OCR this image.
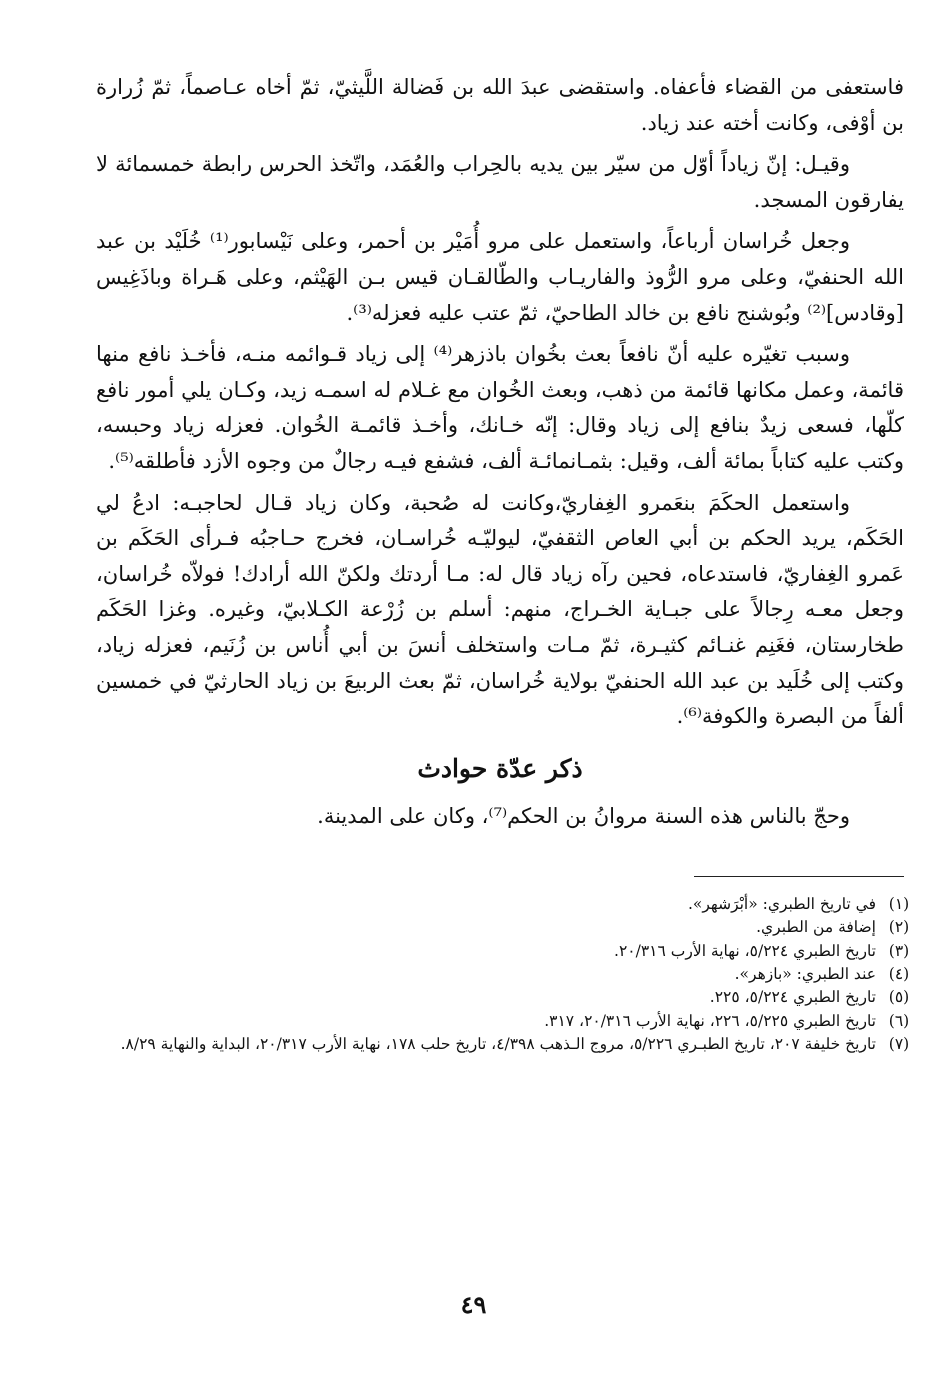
فاستعفى من القضاء فأعفاه. واستقضى عبدَ الله بن فَضالة اللَّيثيّ، ثمّ أخاه عـاصماً، ثمّ زُرارة بن أوْفى، وكانت أخته عند زياد.

وقيـل: إنّ زياداً أوّل من سيّر بين يديه بالحِراب والعُمَد، واتّخذ الحرس رابطة خمسمائة لا يفارقون المسجد.

وجعل خُراسان أرباعاً، واستعمل على مرو أُمَيْر بن أحمر، وعلى نَيْسابور⁽¹⁾ خُلَيْد بن عبد الله الحنفيّ، وعلى مرو الرُّوذ والفاريـاب والطّالقـان قيس بـن الهَيْثم، وعلى هَـراة وباذَغِيس [وقادس]⁽²⁾ وبُوشنج نافع بن خالد الطاحيّ، ثمّ عتب عليه فعزله⁽³⁾.

وسبب تغيّره عليه أنّ نافعاً بعث بخُوان باذزهر⁽⁴⁾ إلى زياد قـوائمه منـه، فأخـذ نافع منها قائمة، وعمل مكانها قائمة من ذهب، وبعث الخُوان مع غـلام له اسمـه زيد، وكـان يلي أمور نافع كلّها، فسعى زيدٌ بنافع إلى زياد وقال: إنّه خـانك، وأخـذ قائمـة الخُوان. فعزله زياد وحبسه، وكتب عليه كتاباً بمائة ألف، وقيل: بثمـانمائـة ألف، فشفع فيـه رجالٌ من وجوه الأزد فأطلقه⁽⁵⁾.

واستعمل الحكَمَ بنعَمرو الغِفاريّ،وكانت له صُحبة، وكان زياد قـال لحاجبـه: ادعُ لي الحَكَم، يريد الحكم بن أبي العاص الثقفيّ، ليوليّـه خُراسـان، فخرج حـاجبُه فـرأى الحَكَم بن عَمرو الغِفاريّ، فاستدعاه، فحين رآه زياد قال له: مـا أردتك ولكنّ الله أرادك! فولاّه خُراسان، وجعل معـه رِجالاً على جبـاية الخـراج، منهم: أسلم بن زُرْعة الكـلابيّ، وغيره. وغزا الحَكَم طخارستان، فغَنِم غنـائم كثيـرة، ثمّ مـات واستخلف أنسَ بن أبي أُناس بن زُنَيم، فعزله زياد، وكتب إلى خُلَيد بن عبد الله الحنفيّ بولاية خُراسان، ثمّ بعث الربيعَ بن زياد الحارثيّ في خمسين ألفاً من البصرة والكوفة⁽⁶⁾.

ذكر عدّة حوادث

وحجّ بالناس هذه السنة مروانُ بن الحكم⁽⁷⁾، وكان على المدينة.

(١)
في تاريخ الطبري: «أبْرَشهر».
(٢)
إضافة من الطبري.
(٣)
تاريخ الطبري ٥/٢٢٤، نهاية الأرب ٢٠/٣١٦.
(٤)
عند الطبري: «بازهر».
(٥)
تاريخ الطبري ٥/٢٢٤، ٢٢٥.
(٦)
تاريخ الطبري ٥/٢٢٥، ٢٢٦، نهاية الأرب ٢٠/٣١٦، ٣١٧.
(٧)
تاريخ خليفة ٢٠٧، تاريخ الطبـري ٥/٢٢٦، مروج الـذهب ٤/٣٩٨، تاريخ حلب ١٧٨، نهاية الأرب ٢٠/٣١٧، البداية والنهاية ٨/٢٩.
٤٩
